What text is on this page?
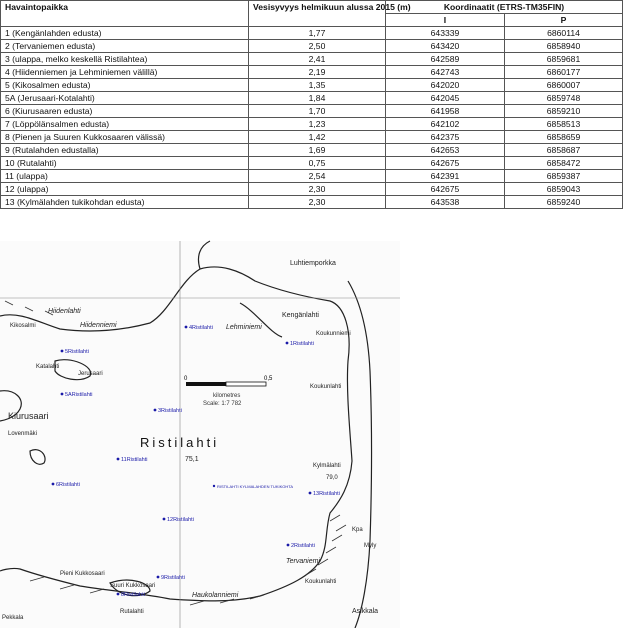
Havaintopaikka	Vesisyvyys helmikuun alussa 2015 (m)	Koordinaatit (ETRS-TM35FIN)	
		I	P
1 (Kengänlahden edusta)	1,77	643339	6860114
2 (Tervaniemen edusta)	2,50	643420	6858940
3 (ulappa, melko keskellä Ristilahtea)	2,41	642589	6859681
4 (Hiidenniemen ja Lehminiemen välillä)	2,19	642743	6860177
5 (Kikosalmen edusta)	1,35	642020	6860007
5A (Jerusaari-Kotalahti)	1,84	642045	6859748
6 (Kiurusaaren edusta)	1,70	641958	6859210
7 (Löppölänsalmen edusta)	1,23	642102	6858513
8 (Pienen ja Suuren Kukkosaaren välissä)	1,42	642375	6858659
9 (Rutalahden edustalla)	1,69	642653	6858687
10 (Rutalahti)	0,75	642675	6858472
11 (ulappa)	2,54	642391	6859387
12 (ulappa)	2,30	642675	6859043
13 (Kylmälahden tukikohdan edusta)	2,30	643538	6859240
0	0,5
kilometres
Scale: 1:7 782
Luhtiemporkka
Hiidenlahti
Hiidenniemi
Kikosalmi	Lehminiemi
Kengänlahti
Koukunniemi
Katalahti
Jerusaari
Kiurusaari
Lovenmäki
Koukunlahti
Kylmälahti
79,0
Tervaniemi
Kpa
Myly
Koukunlahti
Pieni Kukkosaari
Suuri Kukkosaari
Haukolanniemi
Asikkala
Rutalahti
Pekkala
Ristilahti
75,1
1Ristilahti
2Ristilahti
3Ristilahti
4Ristilahti
5Ristilahti
5ARistilahti
6Ristilahti
8Ristilahti
9Ristilahti
11Ristilahti
12Ristilahti
13Ristilahti
RISTILAHTI KYLMALAHDEN TUKIKOHTA
